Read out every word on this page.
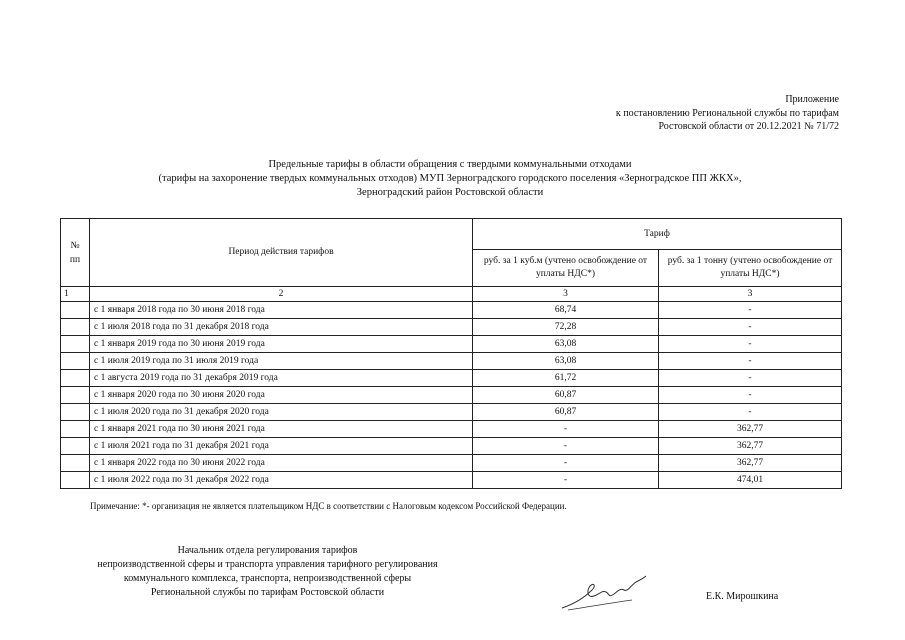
Приложение
к постановлению Региональной службы по тарифам
Ростовской области от 20.12.2021 № 71/72
Предельные тарифы в области обращения с твердыми коммунальными отходами
(тарифы на захоронение твердых коммунальных отходов) МУП Зерноградского городского поселения «Зерноградское ПП ЖКХ»,
Зерноградский район Ростовской области
№ пп	Период действия тарифов	Тариф	
		руб. за 1 куб.м (учтено освобождение от уплаты НДС*)	руб. за 1 тонну (учтено освобождение от уплаты НДС*)
1	2	3	3
	с 1 января 2018 года по 30 июня 2018 года	68,74	-
	с 1 июля 2018 года по 31 декабря 2018 года	72,28	-
	с 1 января 2019 года по 30 июня 2019 года	63,08	-
	с 1 июля 2019 года по 31 июля 2019 года	63,08	-
	с 1 августа 2019 года по 31 декабря 2019 года	61,72	-
	с 1 января 2020 года по 30 июня 2020 года	60,87	-
	с 1 июля 2020 года по 31 декабря 2020 года	60,87	-
	с 1 января 2021 года по 30 июня 2021 года	-	362,77
	с 1 июля 2021 года по 31 декабря 2021 года	-	362,77
	с 1 января 2022 года по 30 июня 2022 года	-	362,77
	с 1 июля 2022 года по 31 декабря 2022 года	-	474,01
Примечание: *- организация не является плательщиком НДС в соответствии с Налоговым кодексом Российской Федерации.
Начальник отдела регулирования тарифов
непроизводственной сферы и транспорта управления тарифного регулирования
коммунального комплекса, транспорта, непроизводственной сферы
Региональной службы по тарифам Ростовской области	Е.К. Мирошкина
